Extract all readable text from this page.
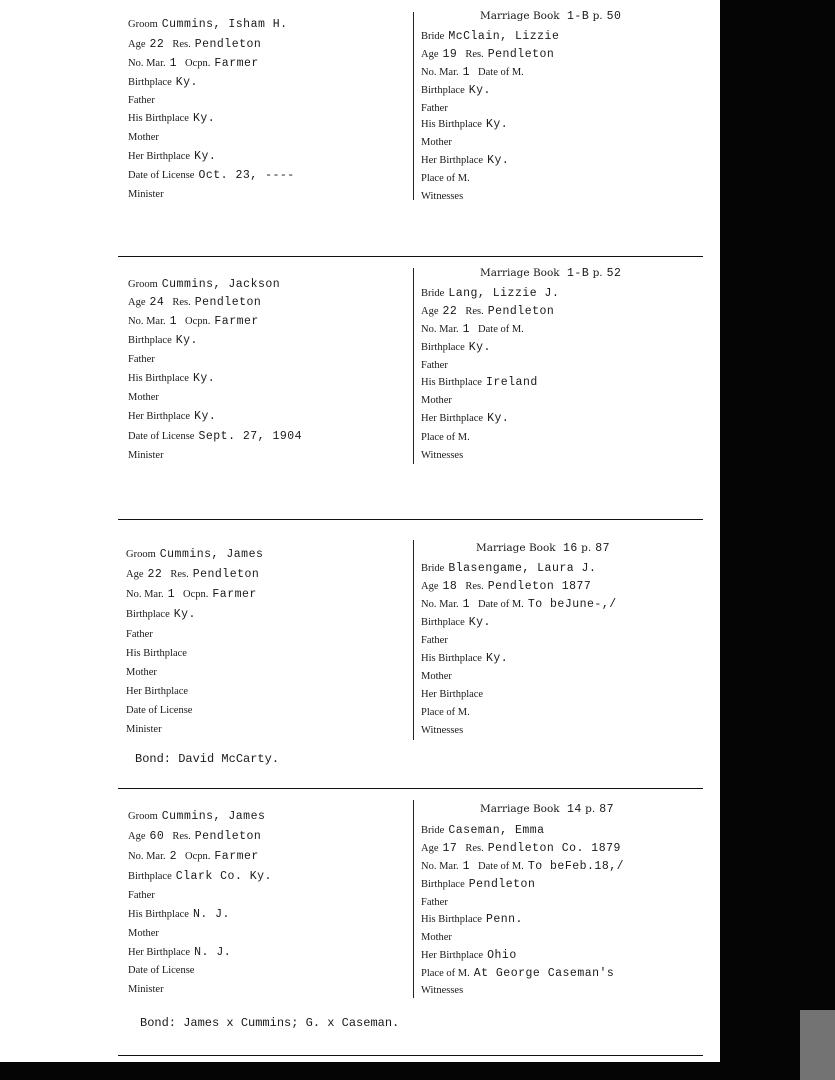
Groom Cummins, Isham H.
Age 22 Res. Pendleton
No. Mar. 1 Ocpn. Farmer
Birthplace Ky.
Father
His Birthplace Ky.
Mother
Her Birthplace Ky.
Date of License Oct. 23, ----
Minister
Marriage Book 1-B p. 50
Bride McClain, Lizzie
Age 19 Res. Pendleton
No. Mar. 1 Date of M.
Birthplace Ky.
Father
His Birthplace Ky.
Mother
Her Birthplace Ky.
Place of M.
Witnesses
Groom Cummins, Jackson
Age 24 Res. Pendleton
No. Mar. 1 Ocpn. Farmer
Birthplace Ky.
Father
His Birthplace Ky.
Mother
Her Birthplace Ky.
Date of License Sept. 27, 1904
Minister
Marriage Book 1-B p. 52
Bride Lang, Lizzie J.
Age 22 Res. Pendleton
No. Mar. 1 Date of M.
Birthplace Ky.
Father
His Birthplace Ireland
Mother
Her Birthplace Ky.
Place of M.
Witnesses
Groom Cummins, James
Age 22 Res. Pendleton
No. Mar. 1 Ocpn. Farmer
Birthplace Ky.
Father
His Birthplace
Mother
Her Birthplace
Date of License
Minister
Marriage Book 16 p. 87
Bride Blasengame, Laura J.
Age 18 Res. Pendleton 1877
No. Mar. 1 Date of M. To beJune-,/
Birthplace Ky.
Father
His Birthplace Ky.
Mother
Her Birthplace
Place of M.
Witnesses
Bond: David McCarty.
Groom Cummins, James
Age 60 Res. Pendleton
No. Mar. 2 Ocpn. Farmer
Birthplace Clark Co. Ky.
Father
His Birthplace N. J.
Mother
Her Birthplace N. J.
Date of License
Minister
Marriage Book 14 p. 87
Bride Caseman, Emma
Age 17 Res. Pendleton Co. 1879
No. Mar. 1 Date of M. To beFeb.18,/
Birthplace Pendleton
Father
His Birthplace Penn.
Mother
Her Birthplace Ohio
Place of M. At George Caseman's
Witnesses
Bond: James x Cummins; G. x Caseman.
